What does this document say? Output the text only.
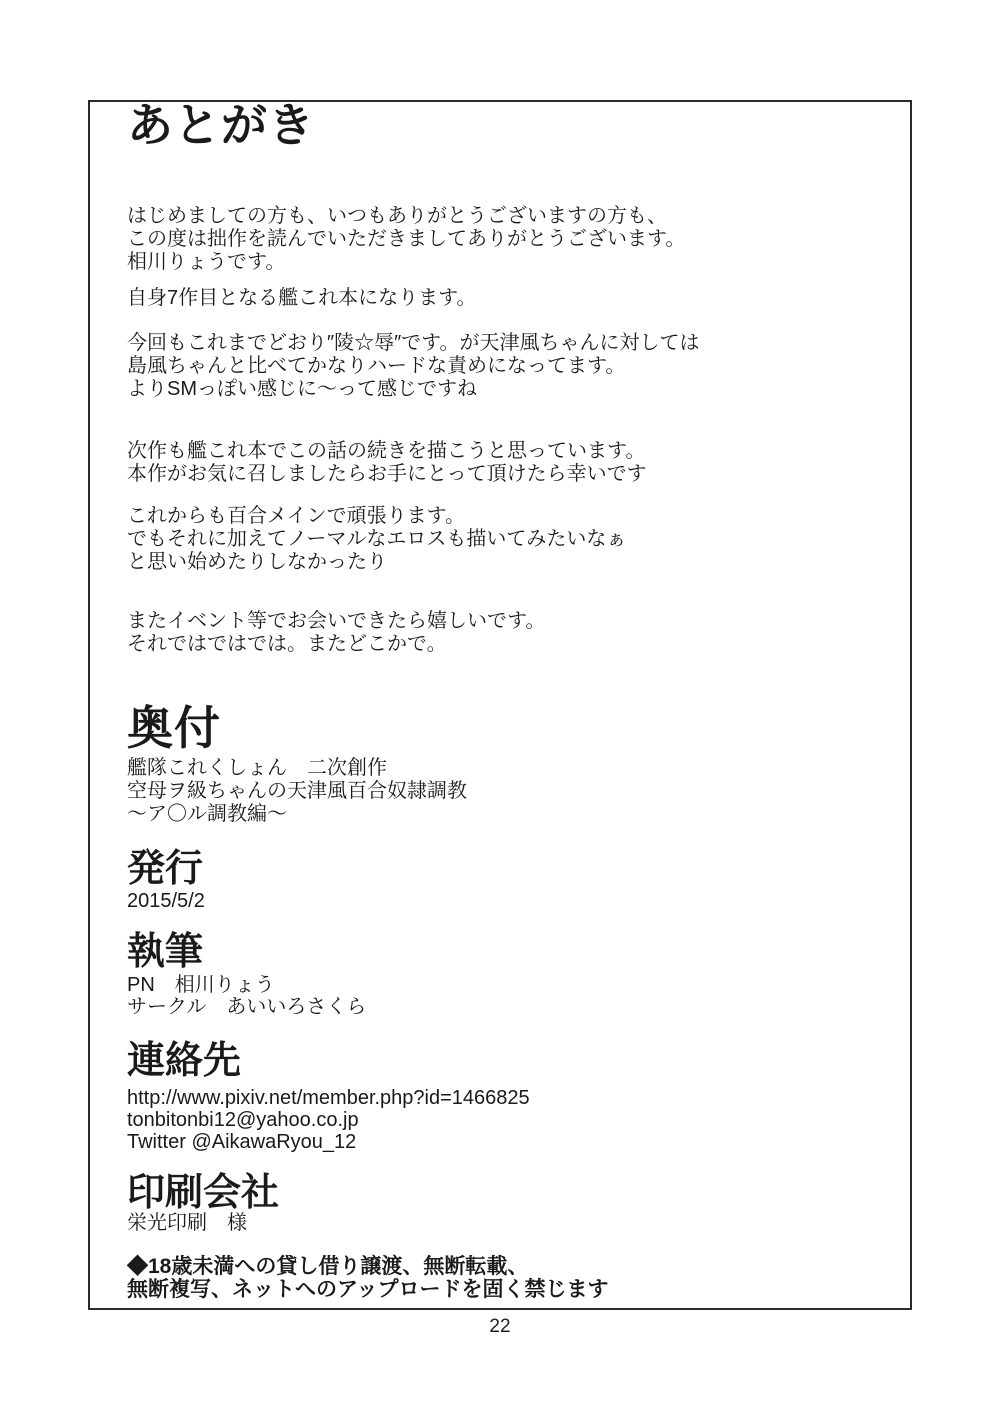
あとがき
はじめましての方も、いつもありがとうございますの方も、
この度は拙作を読んでいただきましてありがとうございます。
相川りょうです。
自身7作目となる艦これ本になります。
今回もこれまでどおり″陵☆辱″です。が天津風ちゃんに対しては
島風ちゃんと比べてかなりハードな責めになってます。
よりSMっぽい感じに～って感じですね
次作も艦これ本でこの話の続きを描こうと思っています。
本作がお気に召しましたらお手にとって頂けたら幸いです
これからも百合メインで頑張ります。
でもそれに加えてノーマルなエロスも描いてみたいなぁ
と思い始めたりしなかったり
またイベント等でお会いできたら嬉しいです。
それではではでは。またどこかで。
奥付
艦隊これくしょん　二次創作
空母ヲ級ちゃんの天津風百合奴隷調教
～ア〇ル調教編～
発行
2015/5/2
執筆
PN　相川りょう
サークル　あいいろさくら
連絡先
http://www.pixiv.net/member.php?id=1466825
tonbitonbi12@yahoo.co.jp
Twitter @AikawaRyou_12
印刷会社
栄光印刷　様
◆18歳未満への貸し借り譲渡、無断転載、
無断複写、ネットへのアップロードを固く禁じます
22
